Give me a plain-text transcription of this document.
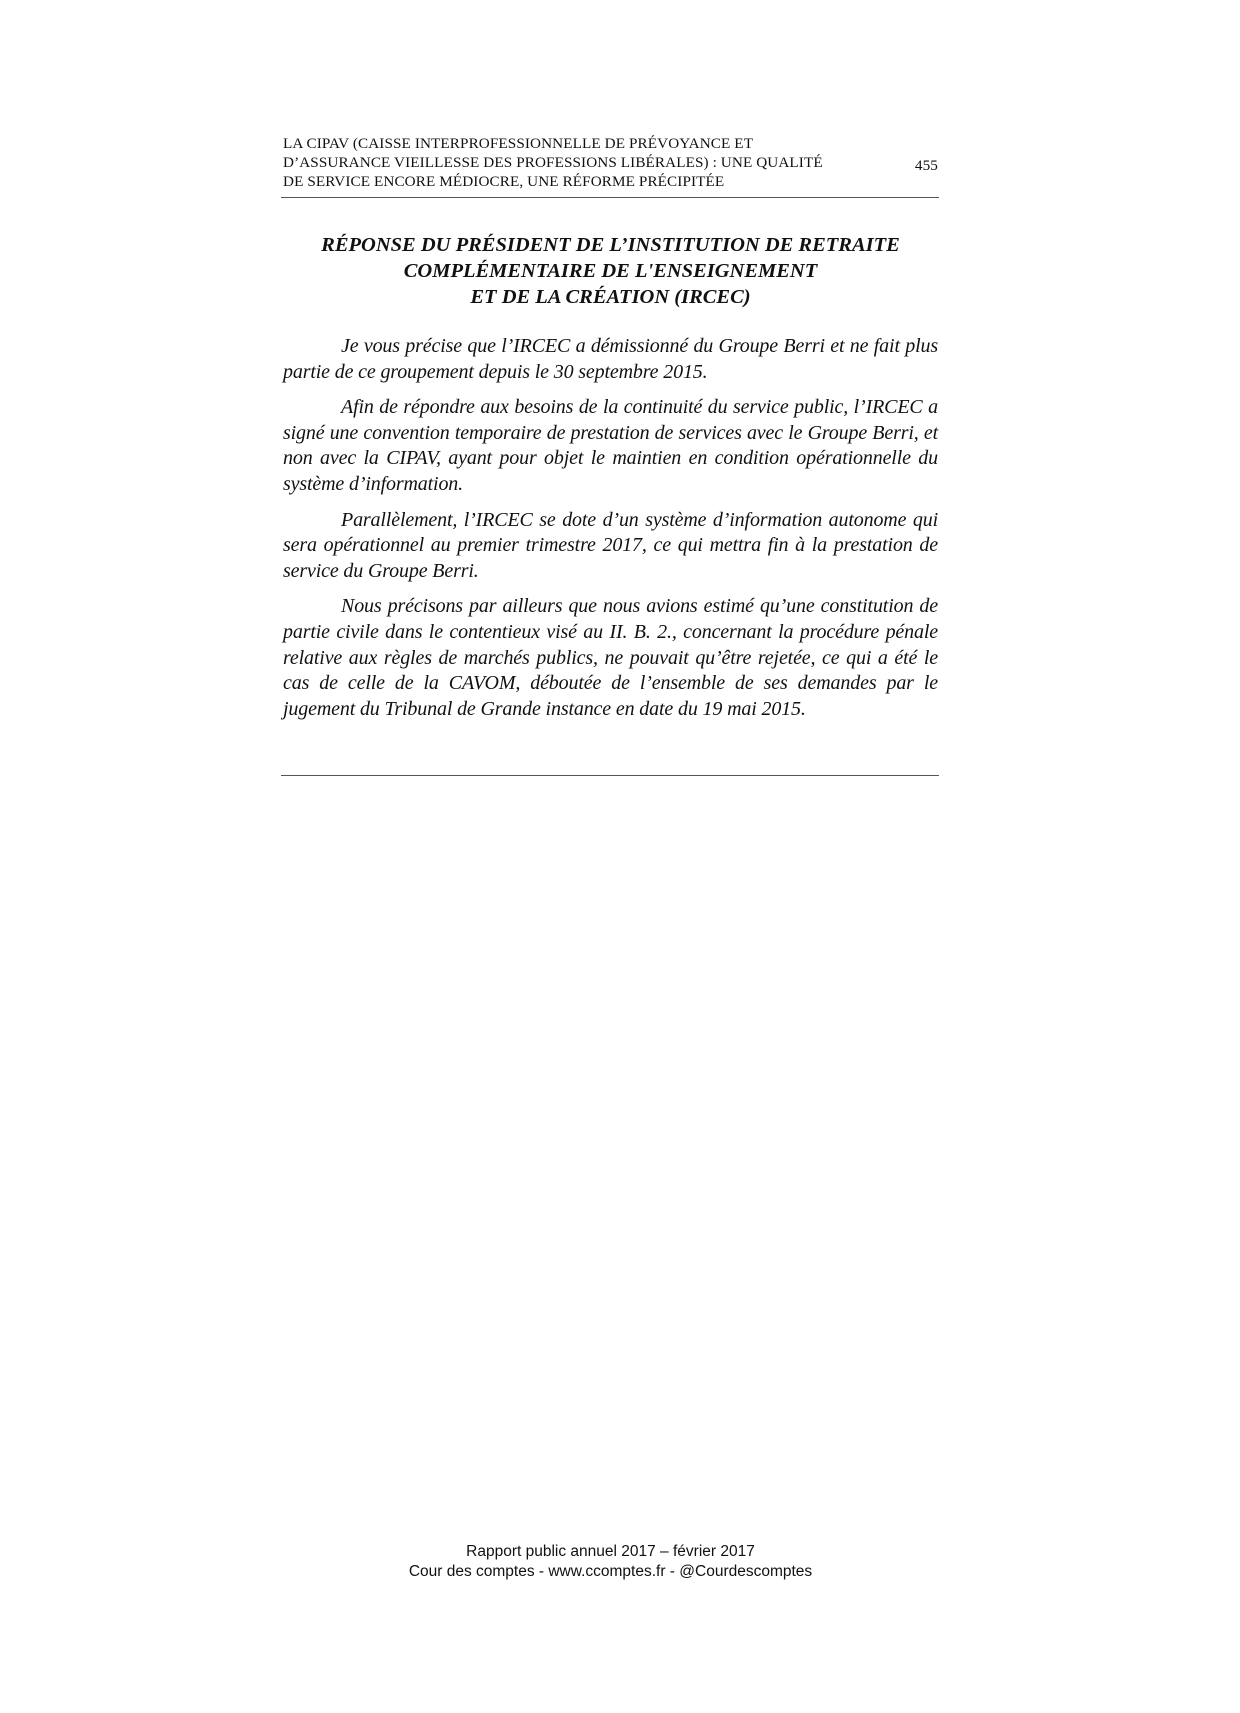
LA CIPAV (CAISSE INTERPROFESSIONNELLE DE PRÉVOYANCE ET
D’ASSURANCE VIEILLESSE DES PROFESSIONS LIBÉRALES) : UNE QUALITÉ
DE SERVICE ENCORE MÉDIOCRE, UNE RÉFORME PRÉCIPITÉE
455
RÉPONSE DU PRÉSIDENT DE L’INSTITUTION DE RETRAITE
COMPLÉMENTAIRE DE L'ENSEIGNEMENT
ET DE LA CRÉATION (IRCEC)

Je vous précise que l’IRCEC a démissionné du Groupe Berri et ne fait plus partie de ce groupement depuis le 30 septembre 2015.

Afin de répondre aux besoins de la continuité du service public, l’IRCEC a signé une convention temporaire de prestation de services avec le Groupe Berri, et non avec la CIPAV, ayant pour objet le maintien en condition opérationnelle du système d’information.

Parallèlement, l’IRCEC se dote d’un système d’information autonome qui sera opérationnel au premier trimestre 2017, ce qui mettra fin à la prestation de service du Groupe Berri.

Nous précisons par ailleurs que nous avions estimé qu’une constitution de partie civile dans le contentieux visé au II. B. 2., concernant la procédure pénale relative aux règles de marchés publics, ne pouvait qu’être rejetée, ce qui a été le cas de celle de la CAVOM, déboutée de l’ensemble de ses demandes par le jugement du Tribunal de Grande instance en date du 19 mai 2015.

Rapport public annuel 2017 – février 2017
Cour des comptes - www.ccomptes.fr - @Courdescomptes
